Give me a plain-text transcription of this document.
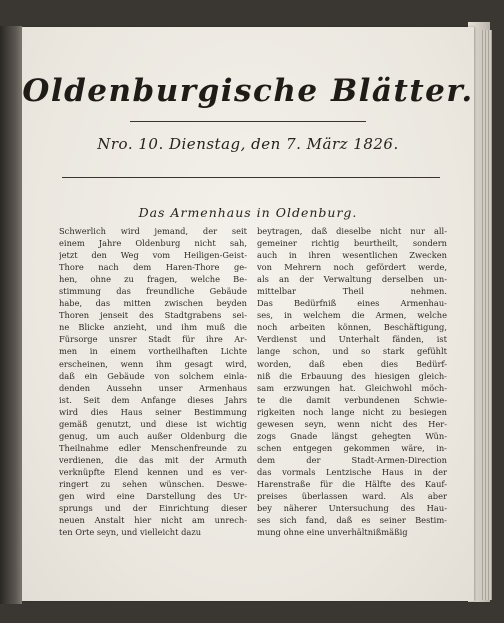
Oldenburgische Blätter.
Nro. 10. Dienstag, den 7. März 1826.
Das Armenhaus in Oldenburg.
Schwerlich wird jemand, der seit
einem Jahre Oldenburg nicht sah,
jetzt den Weg vom Heiligen-Geist-
Thore nach dem Haren-Thore ge-
hen, ohne zu fragen, welche Be-
stimmung das freundliche Gebäude
habe, das mitten zwischen beyden
Thoren jenseit des Stadtgrabens sei-
ne Blicke anzieht, und ihm muß die
Fürsorge unsrer Stadt für ihre Ar-
men in einem vortheilhaften Lichte
erscheinen, wenn ihm gesagt wird,
daß ein Gebäude von solchem einla-
denden Aussehn unser Armenhaus
ist. Seit dem Anfange dieses Jahrs
wird dies Haus seiner Bestimmung
gemäß genutzt, und diese ist wichtig
genug, um auch außer Oldenburg die
Theilnahme edler Menschenfreunde zu
verdienen, die das mit der Armuth
verknüpfte Elend kennen und es ver-
ringert zu sehen wünschen. Deswe-
gen wird eine Darstellung des Ur-
sprungs und der Einrichtung dieser
neuen Anstalt hier nicht am unrech-
ten Orte seyn, und vielleicht dazu
beytragen, daß dieselbe nicht nur all-
gemeiner richtig beurtheilt, sondern
auch in ihren wesentlichen Zwecken
von Mehrern noch gefördert werde,
als an der Verwaltung derselben un-
mittelbar Theil nehmen.
Das Bedürfniß eines Armenhau-
ses, in welchem die Armen, welche
noch arbeiten können, Beschäftigung,
Verdienst und Unterhalt fänden, ist
lange schon, und so stark gefühlt
worden, daß eben dies Bedürf-
niß die Erbauung des hiesigen gleich-
sam erzwungen hat. Gleichwohl möch-
te die damit verbundenen Schwie-
rigkeiten noch lange nicht zu besiegen
gewesen seyn, wenn nicht des Her-
zogs Gnade längst gehegten Wün-
schen entgegen gekommen wäre, in-
dem der Stadt-Armen-Direction
das vormals Lentzische Haus in der
Harenstraße für die Hälfte des Kauf-
preises überlassen ward. Als aber
bey näherer Untersuchung des Hau-
ses sich fand, daß es seiner Bestim-
mung ohne eine unverhältnißmäßig
